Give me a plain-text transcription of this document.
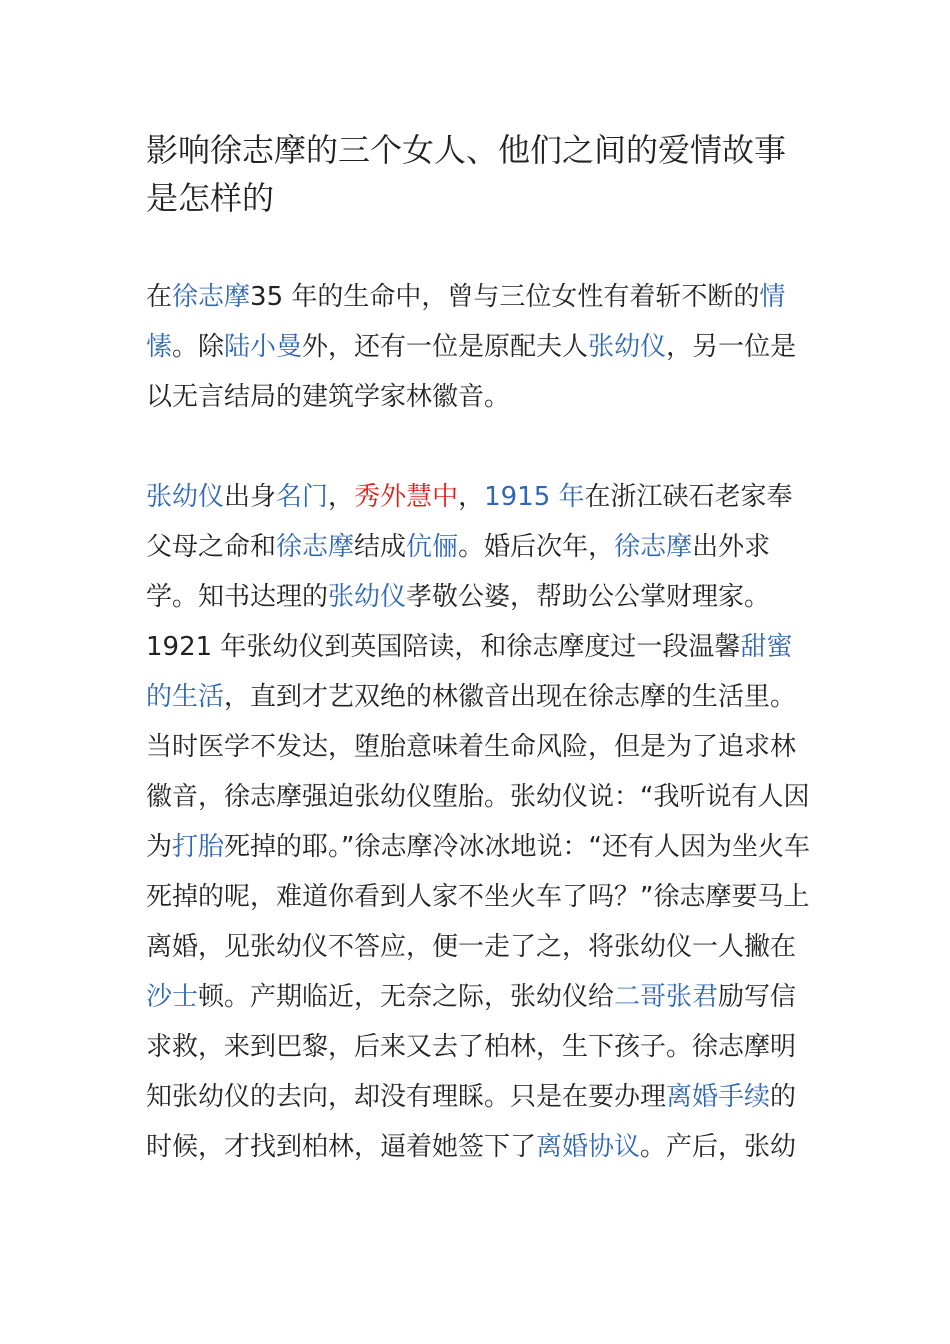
影响徐志摩的三个女人、他们之间的爱情故事是怎样的

在徐志摩35 年的生命中，曾与三位女性有着斩不断的情愫。除陆小曼外，还有一位是原配夫人张幼仪，另一位是以无言结局的建筑学家林徽音。

张幼仪出身名门，秀外慧中，1915 年在浙江硖石老家奉父母之命和徐志摩结成伉俪。婚后次年，徐志摩出外求学。知书达理的张幼仪孝敬公婆，帮助公公掌财理家。1921 年张幼仪到英国陪读，和徐志摩度过一段温馨甜蜜的生活，直到才艺双绝的林徽音出现在徐志摩的生活里。当时医学不发达，堕胎意味着生命风险，但是为了追求林徽音，徐志摩强迫张幼仪堕胎。张幼仪说：“我听说有人因为打胎死掉的耶。”徐志摩冷冰冰地说：“还有人因为坐火车死掉的呢，难道你看到人家不坐火车了吗？”徐志摩要马上离婚，见张幼仪不答应，便一走了之，将张幼仪一人撇在沙士顿。产期临近，无奈之际，张幼仪给二哥张君励写信求救，来到巴黎，后来又去了柏林，生下孩子。徐志摩明知张幼仪的去向，却没有理睬。只是在要办理离婚手续的时候，才找到柏林，逼着她签下了离婚协议。产后，张幼
